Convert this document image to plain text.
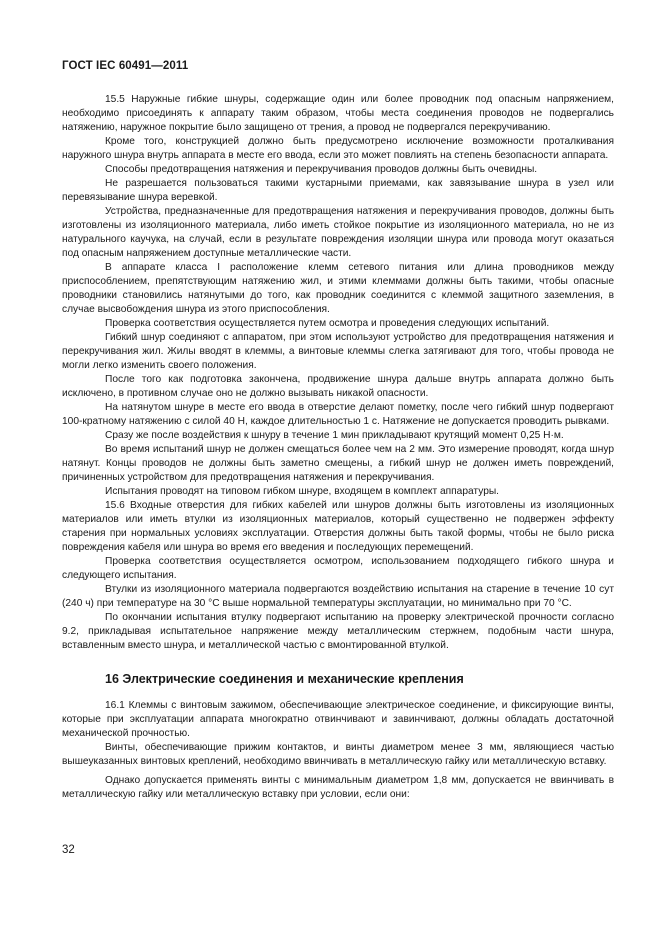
ГОСТ IEC 60491—2011

15.5 Наружные гибкие шнуры, содержащие один или более проводник под опасным напряжением, необходимо присоединять к аппарату таким образом, чтобы места соединения проводов не подвергались натяжению, наружное покрытие было защищено от трения, а провод не подвергался перекручиванию.

Кроме того, конструкцией должно быть предусмотрено исключение возможности проталкивания наружного шнура внутрь аппарата в месте его ввода, если это может повлиять на степень безопасности аппарата.

Способы предотвращения натяжения и перекручивания проводов должны быть очевидны.

Не разрешается пользоваться такими кустарными приемами, как завязывание шнура в узел или перевязывание шнура веревкой.

Устройства, предназначенные для предотвращения натяжения и перекручивания проводов, должны быть изготовлены из изоляционного материала, либо иметь стойкое покрытие из изоляционного материала, но не из натурального каучука, на случай, если в результате повреждения изоляции шнура или провода могут оказаться под опасным напряжением доступные металлические части.

В аппарате класса I расположение клемм сетевого питания или длина проводников между приспособлением, препятствующим натяжению жил, и этими клеммами должны быть такими, чтобы опасные проводники становились натянутыми до того, как проводник соединится с клеммой защитного заземления, в случае высвобождения шнура из этого приспособления.

Проверка соответствия осуществляется путем осмотра и проведения следующих испытаний.

Гибкий шнур соединяют с аппаратом, при этом используют устройство для предотвращения натяжения и перекручивания жил. Жилы вводят в клеммы, а винтовые клеммы слегка затягивают для того, чтобы провода не могли легко изменить своего положения.

После того как подготовка закончена, продвижение шнура дальше внутрь аппарата должно быть исключено, в противном случае оно не должно вызывать никакой опасности.

На натянутом шнуре в месте его ввода в отверстие делают пометку, после чего гибкий шнур подвергают 100-кратному натяжению с силой 40 Н, каждое длительностью 1 с. Натяжение не допускается проводить рывками.

Сразу же после воздействия к шнуру в течение 1 мин прикладывают крутящий момент 0,25 Н·м.

Во время испытаний шнур не должен смещаться более чем на 2 мм. Это измерение проводят, когда шнур натянут. Концы проводов не должны быть заметно смещены, а гибкий шнур не должен иметь повреждений, причиненных устройством для предотвращения натяжения и перекручивания.

Испытания проводят на типовом гибком шнуре, входящем в комплект аппаратуры.

15.6 Входные отверстия для гибких кабелей или шнуров должны быть изготовлены из изоляционных материалов или иметь втулки из изоляционных материалов, который существенно не подвержен эффекту старения при нормальных условиях эксплуатации. Отверстия должны быть такой формы, чтобы не было риска повреждения кабеля или шнура во время его введения и последующих перемещений.

Проверка соответствия осуществляется осмотром, использованием подходящего гибкого шнура и следующего испытания.

Втулки из изоляционного материала подвергаются воздействию испытания на старение в течение 10 сут (240 ч) при температуре на 30 °С выше нормальной температуры эксплуатации, но минимально при 70 °С.

По окончании испытания втулку подвергают испытанию на проверку электрической прочности согласно 9.2, прикладывая испытательное напряжение между металлическим стержнем, подобным части шнура, вставленным вместо шнура, и металлической частью с вмонтированной втулкой.

16 Электрические соединения и механические крепления

16.1 Клеммы с винтовым зажимом, обеспечивающие электрическое соединение, и фиксирующие винты, которые при эксплуатации аппарата многократно отвинчивают и завинчивают, должны обладать достаточной механической прочностью.

Винты, обеспечивающие прижим контактов, и винты диаметром менее 3 мм, являющиеся частью вышеуказанных винтовых креплений, необходимо ввинчивать в металлическую гайку или металлическую вставку.

Однако допускается применять винты с минимальным диаметром 1,8 мм, допускается не ввинчивать в металлическую гайку или металлическую вставку при условии, если они:

32
